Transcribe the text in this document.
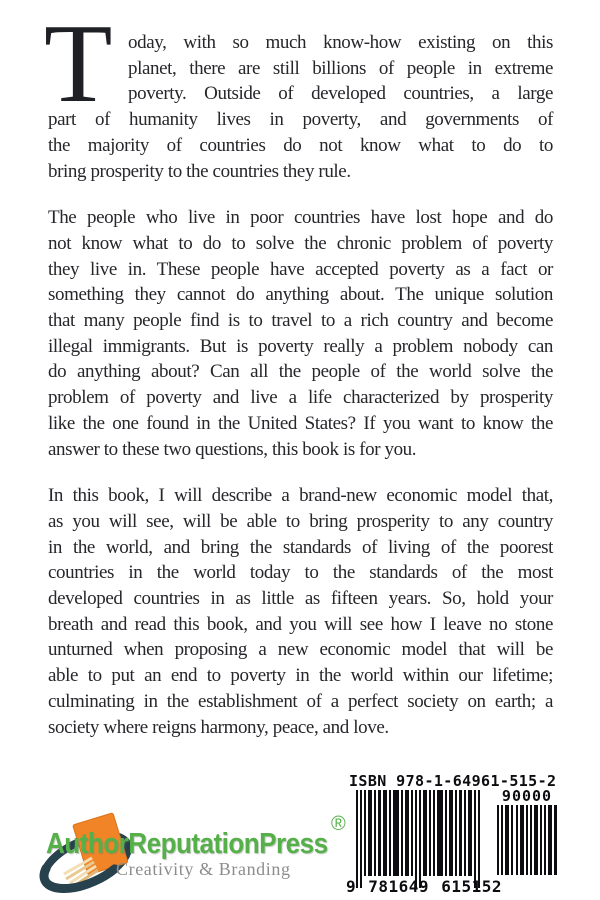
T oday, with so much know-how existing on this
planet, there are still billions of people in extreme
poverty. Outside of developed countries, a large
part of humanity lives in poverty, and governments of
the majority of countries do not know what to do to
bring prosperity to the countries they rule.
The people who live in poor countries have lost hope and do
not know what to do to solve the chronic problem of poverty
they live in. These people have accepted poverty as a fact or
something they cannot do anything about. The unique solution
that many people find is to travel to a rich country and become
illegal immigrants. But is poverty really a problem nobody can
do anything about? Can all the people of the world solve the
problem of poverty and live a life characterized by prosperity
like the one found in the United States? If you want to know the
answer to these two questions, this book is for you.
In this book, I will describe a brand-new economic model that,
as you will see, will be able to bring prosperity to any country
in the world, and bring the standards of living of the poorest
countries in the world today to the standards of the most
developed countries in as little as fifteen years. So, hold your
breath and read this book, and you will see how I leave no stone
unturned when proposing a new economic model that will be
able to put an end to poverty in the world within our lifetime;
culminating in the establishment of a perfect society on earth; a
society where reigns harmony, peace, and love.
AuthorReputationPress
®
Creativity & Branding
ISBN 978-1-64961-515-2
9 781649 615152
90000
